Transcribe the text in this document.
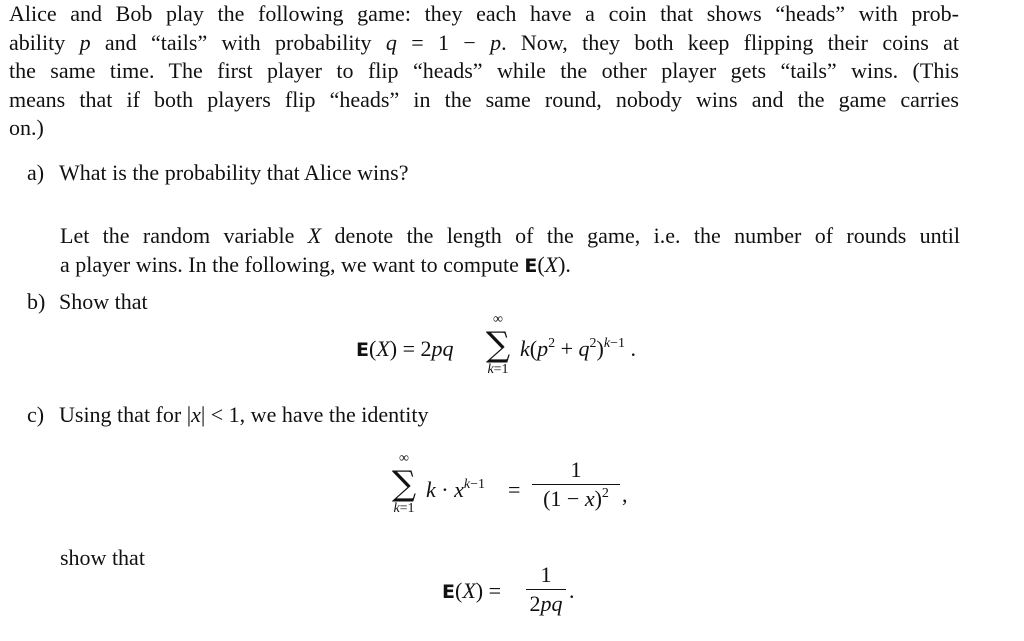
Alice and Bob play the following game: they each have a coin that shows “heads” with prob-
ability p and “tails” with probability q = 1 − p. Now, they both keep flipping their coins at
the same time. The first player to flip “heads” while the other player gets “tails” wins. (This
means that if both players flip “heads” in the same round, nobody wins and the game carries
on.)
a) What is the probability that Alice wins?
Let the random variable X denote the length of the game, i.e. the number of rounds until
a player wins. In the following, we want to compute E(X).
b) Show that
E(X) = 2pq
∞
∑
k=1
$k(p^2 + q^2)^{k-1}$ .
c) Using that for |x| < 1, we have the identity
∞
∑
k=1
$k \cdot x^{k-1}$ =
1
$(1 - x)^2$ ,
show that
E(X) =
1
2pq
.
